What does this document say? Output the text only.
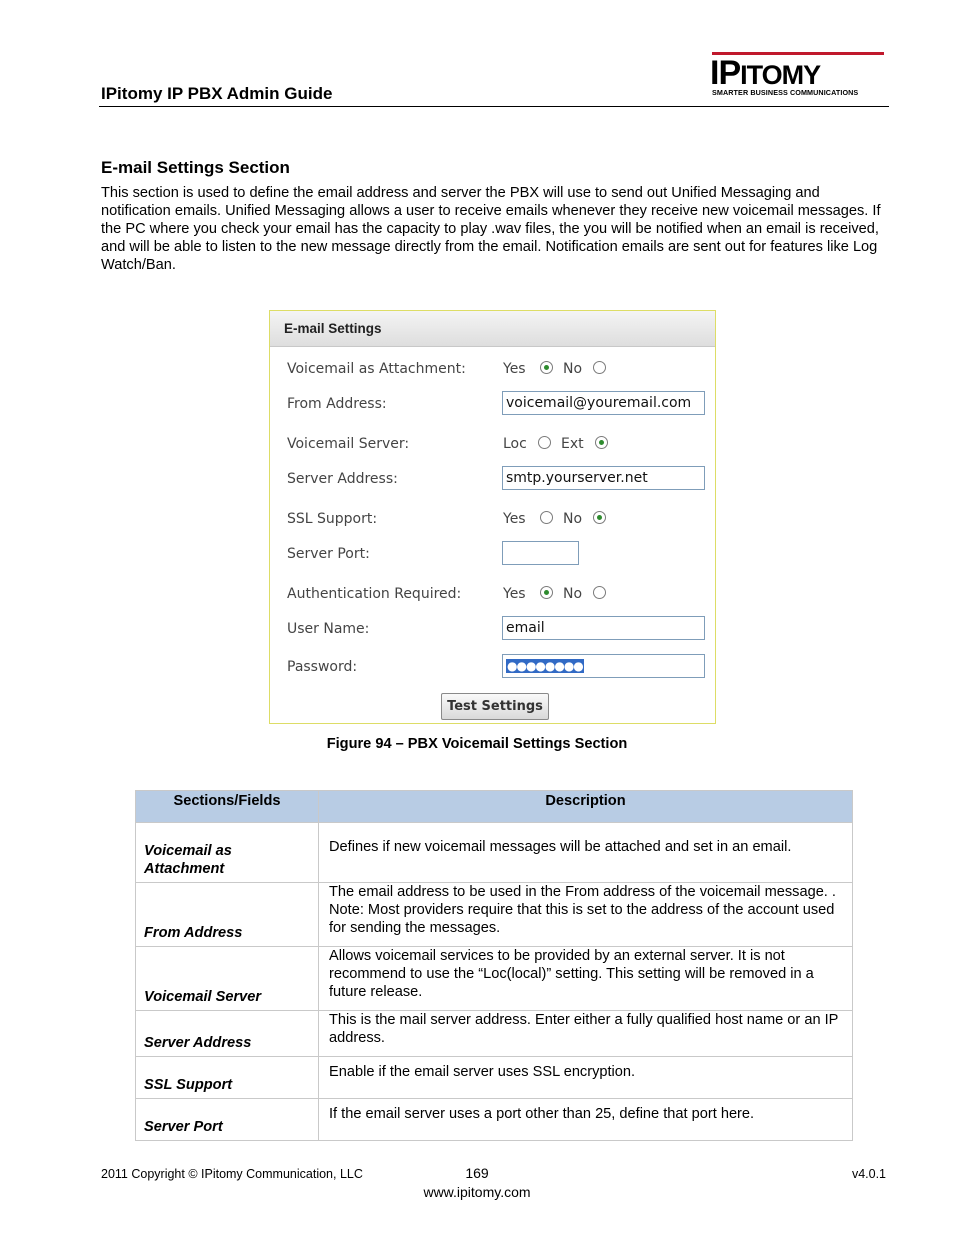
IPitomy IP PBX Admin Guide
IPITOMY
SMARTER BUSINESS COMMUNICATIONS
E-mail Settings Section
This section is used to define the email address and server the PBX will use to send out Unified Messaging and notification emails. Unified Messaging allows a user to receive emails whenever they receive new voicemail messages. If the PC where you check your email has the capacity to play .wav files, the you will be notified when an email is received, and will be able to listen to the new message directly from the email. Notification emails are sent out for features like Log Watch/Ban.
E-mail Settings
Voicemail as Attachment:	Yes	No
From Address:	voicemail@youremail.com
Voicemail Server:	Loc Ext
Server Address:	smtp.yourserver.net
SSL Support:	Yes	No
Server Port:
Authentication Required:	Yes	No
User Name:	email
Password:	●●●●●●●●
Test Settings
Figure 94 – PBX Voicemail Settings Section
Sections/Fields	Description
Voicemail as Attachment	Defines if new voicemail messages will be attached and set in an email.
From Address	The email address to be used in the From address of the voicemail message. . Note: Most providers require that this is set to the address of the account used for sending the messages.
Voicemail Server	Allows voicemail services to be provided by an external server. It is not recommend to use the “Loc(local)” setting. This setting will be removed in a future release.
Server Address	This is the mail server address. Enter either a fully qualified host name or an IP address.
SSL Support	Enable if the email server uses SSL encryption.
Server Port	If the email server uses a port other than 25, define that port here.
2011 Copyright © IPitomy Communication, LLC	169
www.ipitomy.com
v4.0.1
